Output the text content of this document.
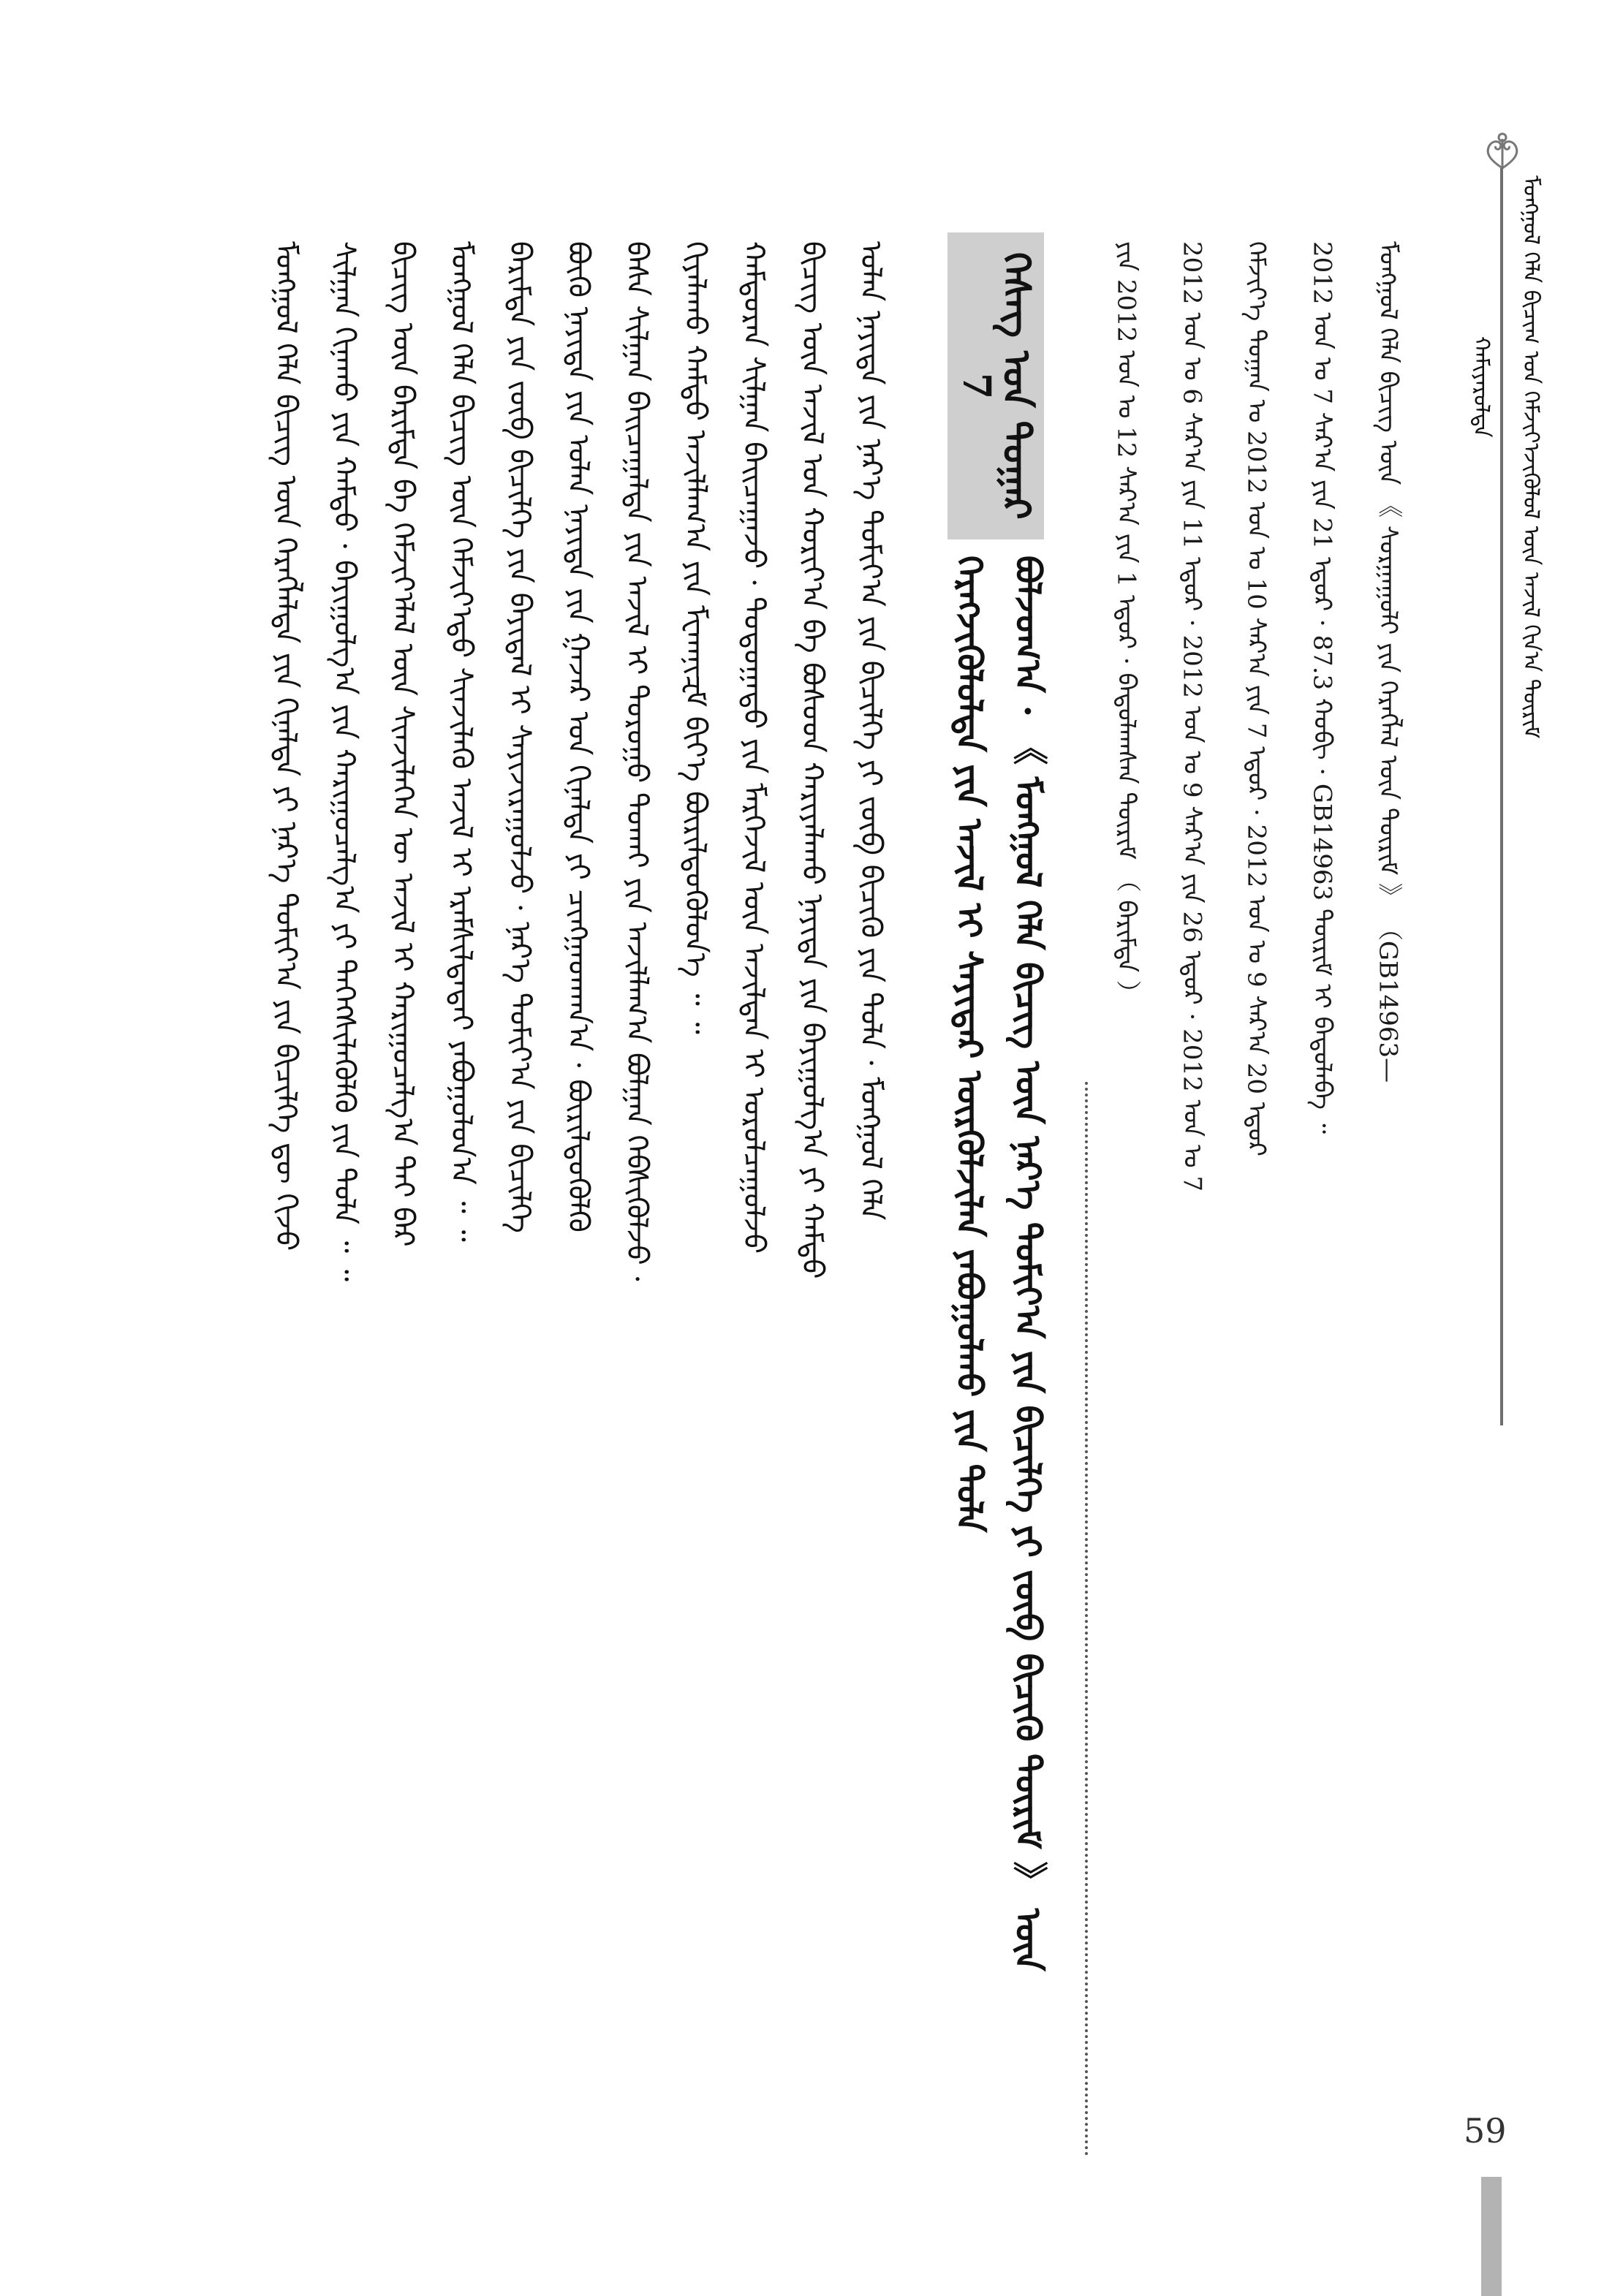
ᠮᠣᠩᠭᠣᠯ ᠬᠡᠯᠡ ᠪᠢᠴᠢᠭ᠋ ᠤᠨ ᠬᠡᠮᠵᠢᠶ᠎ᠡᠵᠢᠭᠦᠯᠦᠯ ᠦᠨ ᠠᠵᠢᠯ ᠬᠢᠨ᠎ᠠ ᠳᠦᠷᠢᠮ
ᠬᠠᠮᠢᠶᠠᠷᠤᠯᠲᠠ
ᠮᠣᠩᠭᠣᠯ ᠬᠡᠯᠡ ᠪᠢᠴᠢᠭ ᠦᠨ 《 ᠰᠤᠷᠭᠠᠭᠤᠯᠢ ᠶᠢᠨ ᠬᠡᠷᠡᠭᠯᠡᠯ ᠦᠨ ᠳᠦᠷᠢᠮ 》 （GB14963—
2012 ᠣᠨ ᠤ 7 ᠰᠠᠷ᠎ᠠ ᠶᠢᠨ 21 ᠡᠳᠦᠷ · 87.3 ᠬᠤᠪᠢ · GB14963 ᠳᠦᠷᠢᠮ ᠢ ᠪᠠᠲᠤᠯᠠᠪᠠ ᠃
ᠬᠡᠮᠵᠢᠶ᠎ᠡ ᠲᠣᠭᠠᠨ ᠤ 2012 ᠣᠨ ᠤ 10 ᠰᠠᠷ᠎ᠠ ᠶᠢᠨ 7 ᠡᠳᠦᠷ · 2012 ᠣᠨ ᠤ 9 ᠰᠠᠷ᠎ᠠ 20 ᠡᠳᠦᠷ
2012 ᠣᠨ ᠤ 6 ᠰᠠᠷ᠎ᠠ ᠶᠢᠨ 11 ᠡᠳᠦᠷ · 2012 ᠣᠨ ᠤ 9 ᠰᠠᠷ᠎ᠠ ᠶᠢᠨ 26 ᠡᠳᠦᠷ · 2012 ᠣᠨ ᠤ 7
ᠶᠢᠨ 2012 ᠣᠨ ᠤ 12 ᠰᠠᠷ᠎ᠠ ᠶᠢᠨ 1 ᠡᠳᠦᠷ · ᠪᠠᠲᠤᠯᠠᠭᠰᠠᠨ ᠳᠦᠷᠢᠮ （ ᠪᠠᠷᠢᠮᠲᠠ ）
7
ᠬᠡᠰᠡᠭ ᠤᠨ ᠳᠤᠭᠠᠷ
ᠪᠣᠯᠵᠣᠭ᠎ᠠ · 《 ᠮᠣᠩᠭᠣᠯ ᠬᠡᠯᠡ ᠪᠢᠴᠢᠭ ᠦᠨ ᠨᠡᠷ᠎ᠡ ᠲᠣᠮᠢᠶ᠎ᠠ ᠶᠢᠨ ᠪᠢᠴᠢᠯᠭᠡ ᠶᠢ ᠵᠦᠪ ᠪᠢᠴᠢᠬᠦ ᠳᠦᠷᠢᠮ 》 ᠦᠨ
ᠬᠡᠷᠡᠭᠵᠢᠭᠦᠯᠦᠯᠲᠡ ᠶᠢᠨ ᠠᠵᠢᠯ ᠢ ᠰᠠᠶᠢᠲᠠᠷ ᠦᠷᠭᠦᠯᠵᠢᠯᠡᠨ ᠶᠠᠪᠤᠭᠤᠯᠬᠤ ᠶᠢᠨ ᠲᠤᠯᠠ
ᠣᠯᠠᠨ ᠨᠡᠶᠢᠲᠡ ᠶᠢᠨ ᠨᠡᠷ᠎ᠡ ᠲᠣᠮᠢᠶ᠎ᠠ ᠶᠢᠨ ᠪᠢᠴᠢᠯᠭᠡ ᠶᠢ ᠵᠦᠪ ᠪᠢᠴᠢᠬᠦ ᠶᠢᠨ ᠲᠤᠯᠠ · ᠮᠣᠩᠭᠣᠯ ᠬᠡᠯᠡ
ᠪᠢᠴᠢᠭ ᠦᠨ ᠠᠵᠢᠯ ᠤᠨ ᠬᠣᠷᠢᠶ᠎ᠠ ᠪᠠ ᠪᠤᠰᠤᠳ ᠬᠠᠷᠢᠶᠠᠯᠠᠬᠤ ᠨᠡᠶᠢᠲᠡ ᠶᠢᠨ ᠪᠠᠶᠢᠭᠤᠯᠭ᠎ᠠ ᠶᠢ ᠬᠠᠮᠲᠤ
ᠬᠠᠮᠲᠤᠷᠠᠨ ᠰᠢᠯᠭᠠᠨ ᠪᠠᠢᠴᠠᠭᠠᠵᠤ · ᠳᠣᠲᠣᠭᠠᠳᠤ ᠶᠢᠨ ᠮᠡᠷᠭᠡᠵᠢᠯ ᠦᠨ ᠠᠵᠢᠯᠲᠠᠨ ᠢ ᠣᠷᠣᠯᠴᠠᠭᠤᠯᠵᠤ
ᠬᠢᠶᠠᠯᠠᠬᠤ ᠬᠠᠮᠲᠤ ᠠᠵᠢᠯᠯᠠᠭ᠎ᠠ ᠶᠢᠨ ᠮᠸᠬᠠᠨᠢᠽᠮ ᠪᠢᠶ᠎ᠡ ᠪᠦᠷᠢᠯᠳᠦᠭᠦᠯᠦᠨ᠎ᠡ ᠃ ᠃
ᠪᠠᠰᠠ ᠰᠢᠯᠭᠠᠨ ᠪᠠᠢᠴᠠᠭᠠᠯᠲᠠ ᠶᠢᠨ ᠠᠵᠢᠯ ᠢ ᠳᠤᠷᠤᠭᠤ ᠲᠤᠬᠠᠢ ᠶᠢᠨ ᠠᠵᠢᠯᠯᠠᠭ᠎ᠠ ᠪᠣᠯᠭᠠᠨ ᠬᠡᠪᠰᠢᠭᠦᠯᠵᠦ ·
ᠪᠦᠬᠦ ᠨᠡᠶᠢᠲᠡ ᠶᠢᠨ ᠣᠯᠠᠨ ᠨᠡᠶᠢᠲᠡ ᠶᠢᠨ ᠭᠠᠵᠠᠷ ᠤᠨ ᠬᠢᠨᠠᠯᠲᠠ ᠶᠢ ᠴᠢᠩᠭᠠᠳᠬᠠᠨ᠎ᠠ · ᠪᠦᠷᠢᠯᠳᠦᠭᠦᠯᠬᠦ
ᠪᠠᠷᠢᠮᠲᠠ ᠶᠢᠨ ᠵᠦᠪ ᠪᠢᠴᠢᠯᠭᠡ ᠶᠢᠨ ᠪᠠᠶᠢᠳᠠᠯ ᠢ ᠰᠠᠶᠢᠵᠢᠷᠠᠭᠤᠯᠵᠤ · ᠨᠡᠷ᠎ᠡ ᠲᠣᠮᠢᠶ᠎ᠠ ᠶᠢᠨ ᠪᠢᠴᠢᠯᠭᠡ
ᠮᠣᠩᠭᠣᠯ ᠬᠡᠯᠡ ᠪᠢᠴᠢᠭ ᠦᠨ ᠬᠡᠮᠵᠢᠶ᠎ᠡᠲᠦ ᠰᠢᠨᠵᠢᠯᠡᠬᠦ ᠠᠵᠢᠯ ᠢ ᠡᠷᠡᠮᠰᠢᠯᠲᠡᠳᠡᠢ ᠶᠠᠪᠤᠭᠤᠯᠤᠨ᠎ᠠ ᠃ ᠃
ᠪᠢᠴᠢᠭ ᠦᠨ ᠪᠠᠷᠢᠮᠲᠠ ᠪᠠ ᠬᠡᠮᠵᠢᠶ᠎ᠡᠯᠡᠯ ᠦᠨ ᠰᠢᠨᠵᠢᠯᠡᠭᠡᠨ ᠦ ᠠᠵᠢᠯ ᠢ ᠬᠠᠷᠢᠭᠤᠴᠠᠯᠭ᠎ᠠ ᠲᠠᠢ ᠪᠠᠷ
ᠰᠢᠯᠭᠠᠨ ᠬᠢᠨᠠᠬᠤ ᠶᠢᠨ ᠬᠠᠮᠲᠤ · ᠪᠠᠶᠢᠭᠤᠯᠭ᠎ᠠ ᠶᠢᠨ ᠬᠠᠷᠢᠭᠤᠴᠠᠯᠭ᠎ᠠ ᠶᠢ ᠳᠡᠭᠡᠭᠰᠢᠯᠡᠭᠦᠯᠬᠦ ᠶᠢᠨ ᠲᠤᠯᠠ ᠃ ᠃
ᠮᠣᠩᠭᠣᠯ ᠬᠡᠯᠡ ᠪᠢᠴᠢᠭ ᠦᠨ ᠬᠡᠷᠡᠭᠯᠡᠯᠲᠡ ᠶᠢᠨ ᠬᠢᠨᠠᠯᠲᠠ ᠶᠢ ᠨᠡᠷ᠎ᠡ ᠲᠣᠮᠢᠶ᠎ᠠ ᠶᠢᠨ ᠪᠢᠴᠢᠯᠭᠡ ᠳᠦ ᠬᠢᠵᠦ
59
